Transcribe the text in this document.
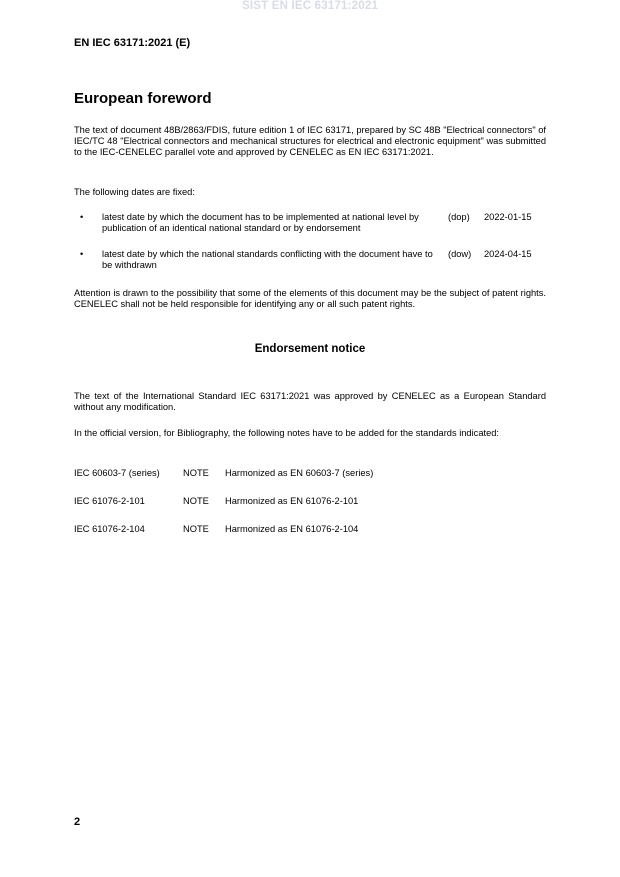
SIST EN IEC 63171:2021
EN IEC 63171:2021 (E)
European foreword

The text of document 48B/2863/FDIS, future edition 1 of IEC 63171, prepared by SC 48B "Electrical connectors" of IEC/TC 48 "Electrical connectors and mechanical structures for electrical and electronic equipment" was submitted to the IEC-CENELEC parallel vote and approved by CENELEC as EN IEC 63171:2021.

The following dates are fixed:

• latest date by which the document has to be implemented at national level by publication of an identical national standard or by endorsement
(dop) 2022-01-15
• latest date by which the national standards conflicting with the document have to be withdrawn
(dow) 2024-04-15

Attention is drawn to the possibility that some of the elements of this document may be the subject of patent rights. CENELEC shall not be held responsible for identifying any or all such patent rights.

Endorsement notice

The text of the International Standard IEC 63171:2021 was approved by CENELEC as a European Standard without any modification.

In the official version, for Bibliography, the following notes have to be added for the standards indicated:

IEC 60603-7 (series) NOTE Harmonized as EN 60603-7 (series)
IEC 61076-2-101	NOTE Harmonized as EN 61076-2-101
IEC 61076-2-104	NOTE Harmonized as EN 61076-2-104
2
